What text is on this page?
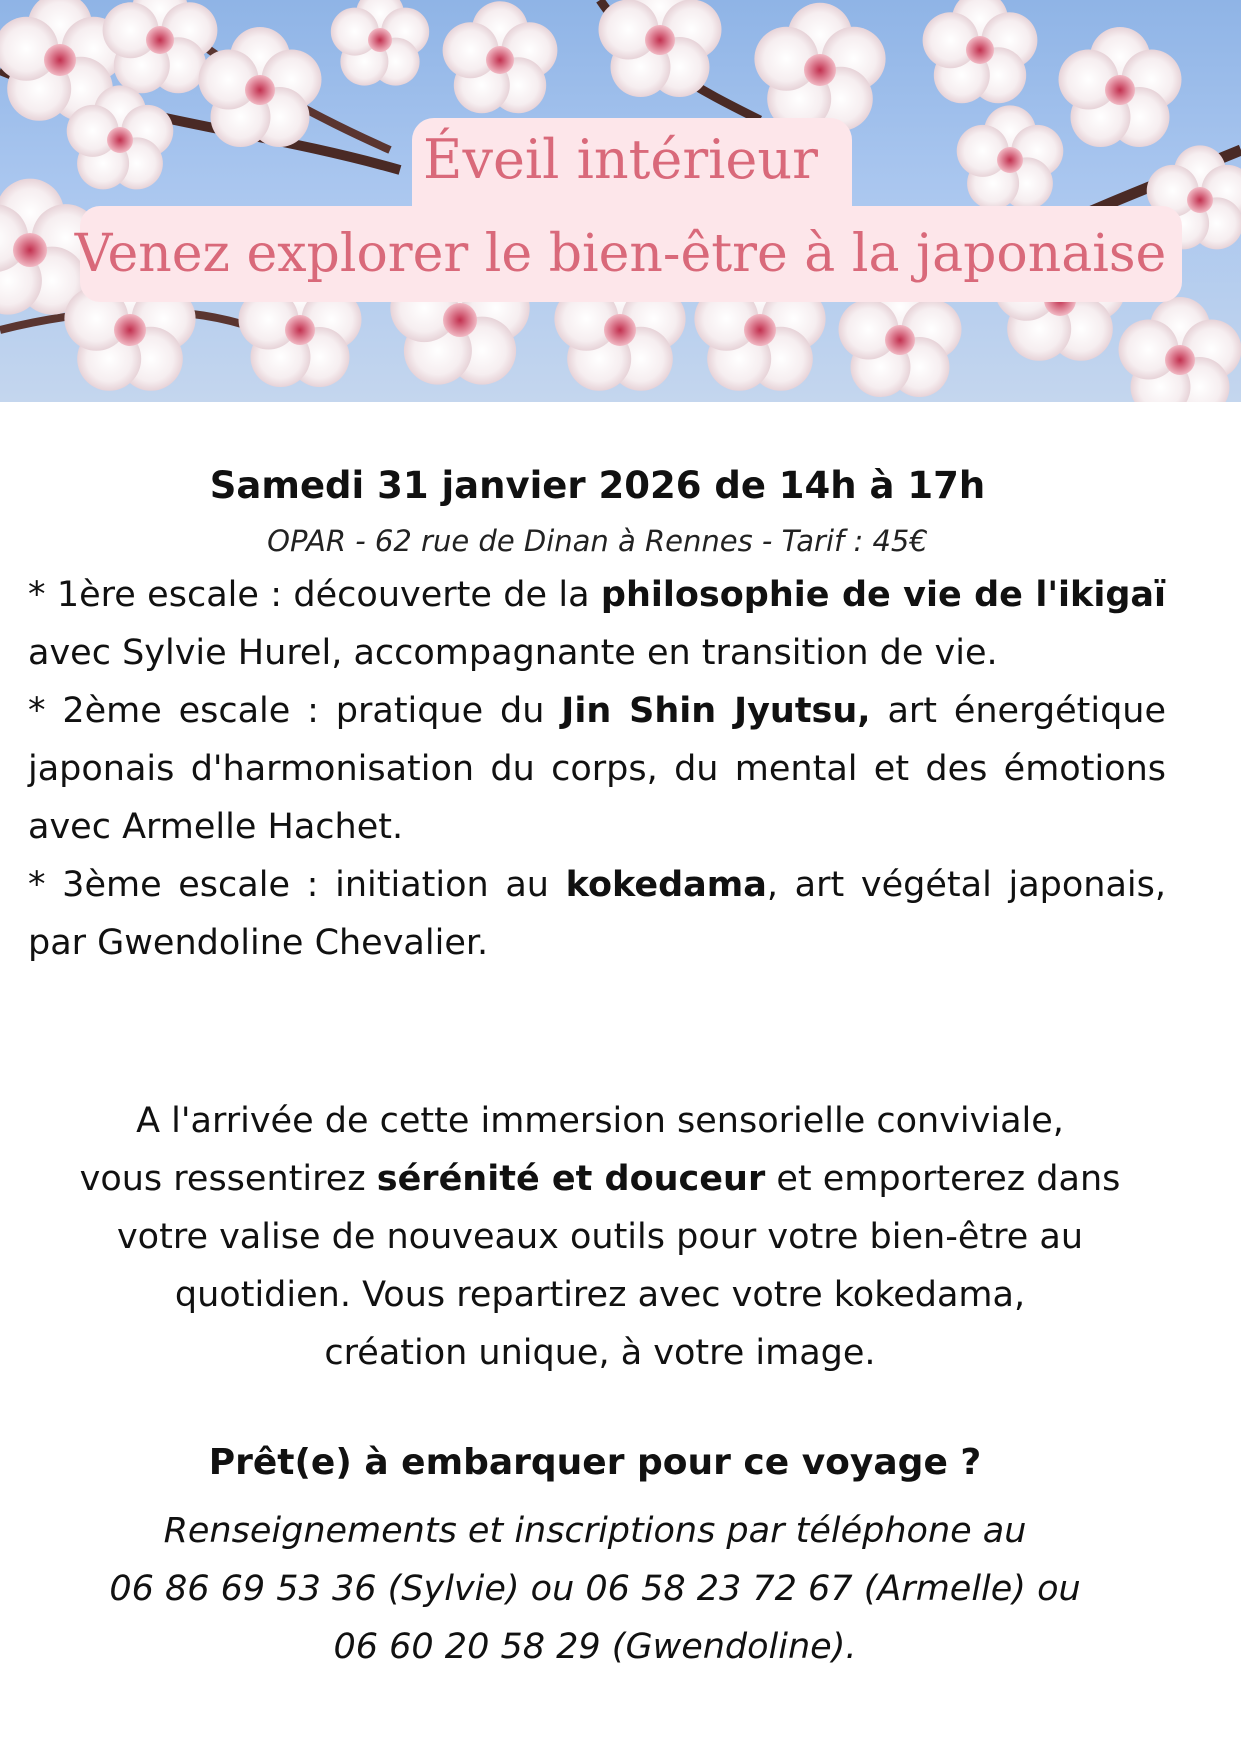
Éveil intérieur
Venez explorer le bien-être à la japonaise
Samedi 31 janvier 2026 de 14h à 17h
OPAR - 62 rue de Dinan à Rennes - Tarif : 45€

* 1ère escale : découverte de la philosophie de vie de l'ikigaï avec Sylvie Hurel, accompagnante en transition de vie.

* 2ème escale : pratique du Jin Shin Jyutsu, art énergétique japonais d'harmonisation du corps, du mental et des émotions avec Armelle Hachet.

* 3ème escale : initiation au kokedama, art végétal japonais, par Gwendoline Chevalier.

A l'arrivée de cette immersion sensorielle conviviale,

vous ressentirez sérénité et douceur et emporterez dans

votre valise de nouveaux outils pour votre bien-être au

quotidien. Vous repartirez avec votre kokedama,

création unique, à votre image.

Prêt(e) à embarquer pour ce voyage ?

Renseignements et inscriptions par téléphone au

06 86 69 53 36 (Sylvie) ou 06 58 23 72 67 (Armelle) ou

06 60 20 58 29 (Gwendoline).
